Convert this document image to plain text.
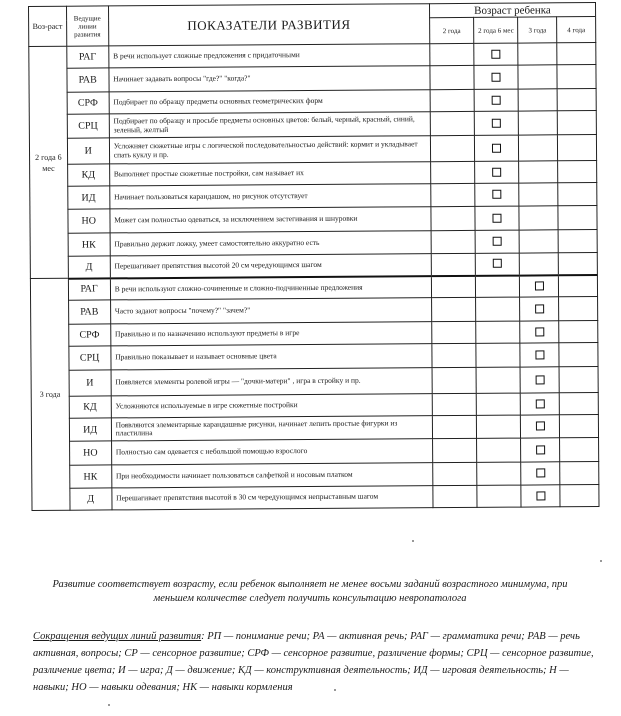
Воз-раст	Ведущие линии развития	ПОКАЗАТЕЛИ РАЗВИТИЯ	Возраст ребенка			
			2 года	2 года 6 мес	3 года	4 года
2 года 6 мес	РАГ	В речи использует сложные предложения с придаточными				
	РАВ	Начинает задавать вопросы "где?" "когда?"				
	СРФ	Подбирает по образцу предметы основных геометрических форм				
	СРЦ	Подбирает по образцу и просьбе предметы основных цветов: белый, черный, красный, синий, зеленый, желтый				
	И	Усложняет сюжетные игры с логической последовательностью действий: кормит и укладывает спать куклу и пр.				
	КД	Выполняет простые сюжетные постройки, сам называет их				
	ИД	Начинает пользоваться карандашом, но рисунок отсутствует				
	НО	Может сам полностью одеваться, за исключением застегивания и шнуровки				
	НК	Правильно держит ложку, умеет самостоятельно аккуратно есть				
	Д	Перешагивает препятствия высотой 20 см чередующимся шагом				
3 года	РАГ	В речи используют сложно-сочиненные и сложно-подчиненные предложения				
	РАВ	Часто задают вопросы "почему?" "зачем?"				
	СРФ	Правильно и по назначению используют предметы в игре				
	СРЦ	Правильно показывает и называет основные цвета				
	И	Появляется элементы ролевой игры — "дочки-матери" , игра в стройку и пр.				
	КД	Усложняются используемые в игре сюжетные постройки				
	ИД	Появляются элементарные карандашные рисунки, начинает лепить простые фигурки из пластилина				
	НО	Полностью сам одевается с небольшой помощью взрослого				
	НК	При необходимости начинает пользоваться салфеткой и носовым платком				
	Д	Перешагивает препятствия высотой в 30 см чередующимся непрыставным шагом				
Развитие соответствует возрасту, если ребенок выполняет не менее восьми заданий возрастного минимума, при меньшем количестве следует получить консультацию невропатолога
Сокращения ведущих линий развития: РП — понимание речи; РА — активная речь; РАГ — грамматика речи; РАВ — речь активная, вопросы; СР — сенсорное развитие; СРФ — сенсорное развитие, различение формы; СРЦ — сенсорное развитие, различение цвета; И — игра; Д — движение; КД — конструктивная деятельность; ИД — игровая деятельность; Н — навыки; НО — навыки одевания; НК — навыки кормления
